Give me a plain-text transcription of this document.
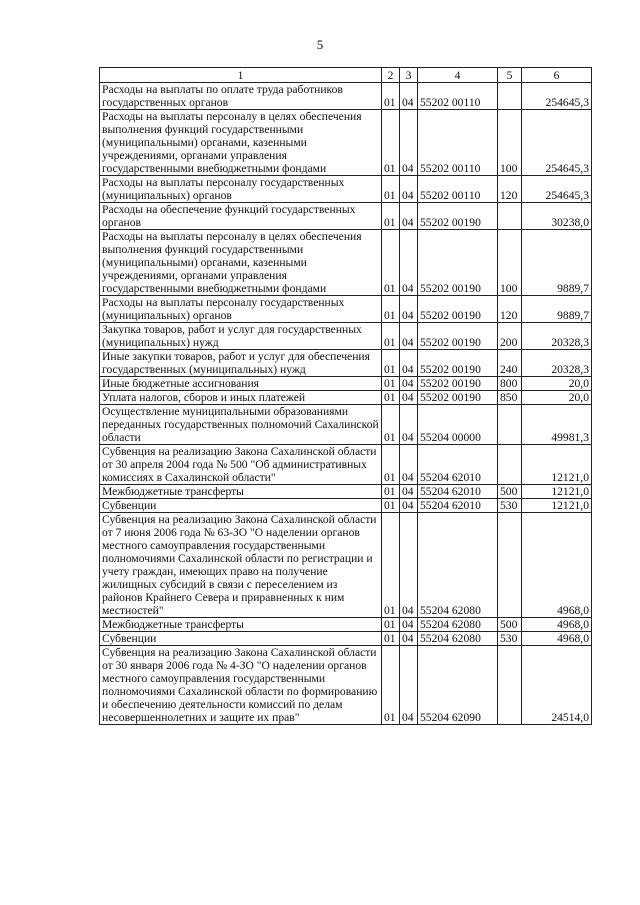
5
1	2	3	4	5	6
Расходы на выплаты по оплате труда работников государственных органов	01	04	55202 00110		254645,3
Расходы на выплаты персоналу в целях обеспечения выполнения функций государственными (муниципальными) органами, казенными учреждениями, органами управления государственными внебюджетными фондами	01	04	55202 00110	100	254645,3
Расходы на выплаты персоналу государственных (муниципальных) органов	01	04	55202 00110	120	254645,3
Расходы на обеспечение функций государственных органов	01	04	55202 00190		30238,0
Расходы на выплаты персоналу в целях обеспечения выполнения функций государственными (муниципальными) органами, казенными учреждениями, органами управления государственными внебюджетными фондами	01	04	55202 00190	100	9889,7
Расходы на выплаты персоналу государственных (муниципальных) органов	01	04	55202 00190	120	9889,7
Закупка товаров, работ и услуг для государственных (муниципальных) нужд	01	04	55202 00190	200	20328,3
Иные закупки товаров, работ и услуг для обеспечения государственных (муниципальных) нужд	01	04	55202 00190	240	20328,3
Иные бюджетные ассигнования	01	04	55202 00190	800	20,0
Уплата налогов, сборов и иных платежей	01	04	55202 00190	850	20,0
Осуществление муниципальными образованиями переданных государственных полномочий Сахалинской области	01	04	55204 00000		49981,3
Субвенция на реализацию Закона Сахалинской области от 30 апреля 2004 года № 500 "Об административных комиссиях в Сахалинской области"	01	04	55204 62010		12121,0
Межбюджетные трансферты	01	04	55204 62010	500	12121,0
Субвенции	01	04	55204 62010	530	12121,0
Субвенция на реализацию Закона Сахалинской области от 7 июня 2006 года № 63-ЗО "О наделении органов местного самоуправления государственными полномочиями Сахалинской области по регистрации и учету граждан, имеющих право на получение жилищных субсидий в связи с переселением из районов Крайнего Севера и приравненных к ним местностей"	01	04	55204 62080		4968,0
Межбюджетные трансферты	01	04	55204 62080	500	4968,0
Субвенции	01	04	55204 62080	530	4968,0
Субвенция на реализацию Закона Сахалинской области от 30 января 2006 года № 4-ЗО "О наделении органов местного самоуправления государственными полномочиями Сахалинской области по формированию и обеспечению деятельности комиссий по делам несовершеннолетних и защите их прав"	01	04	55204 62090		24514,0
